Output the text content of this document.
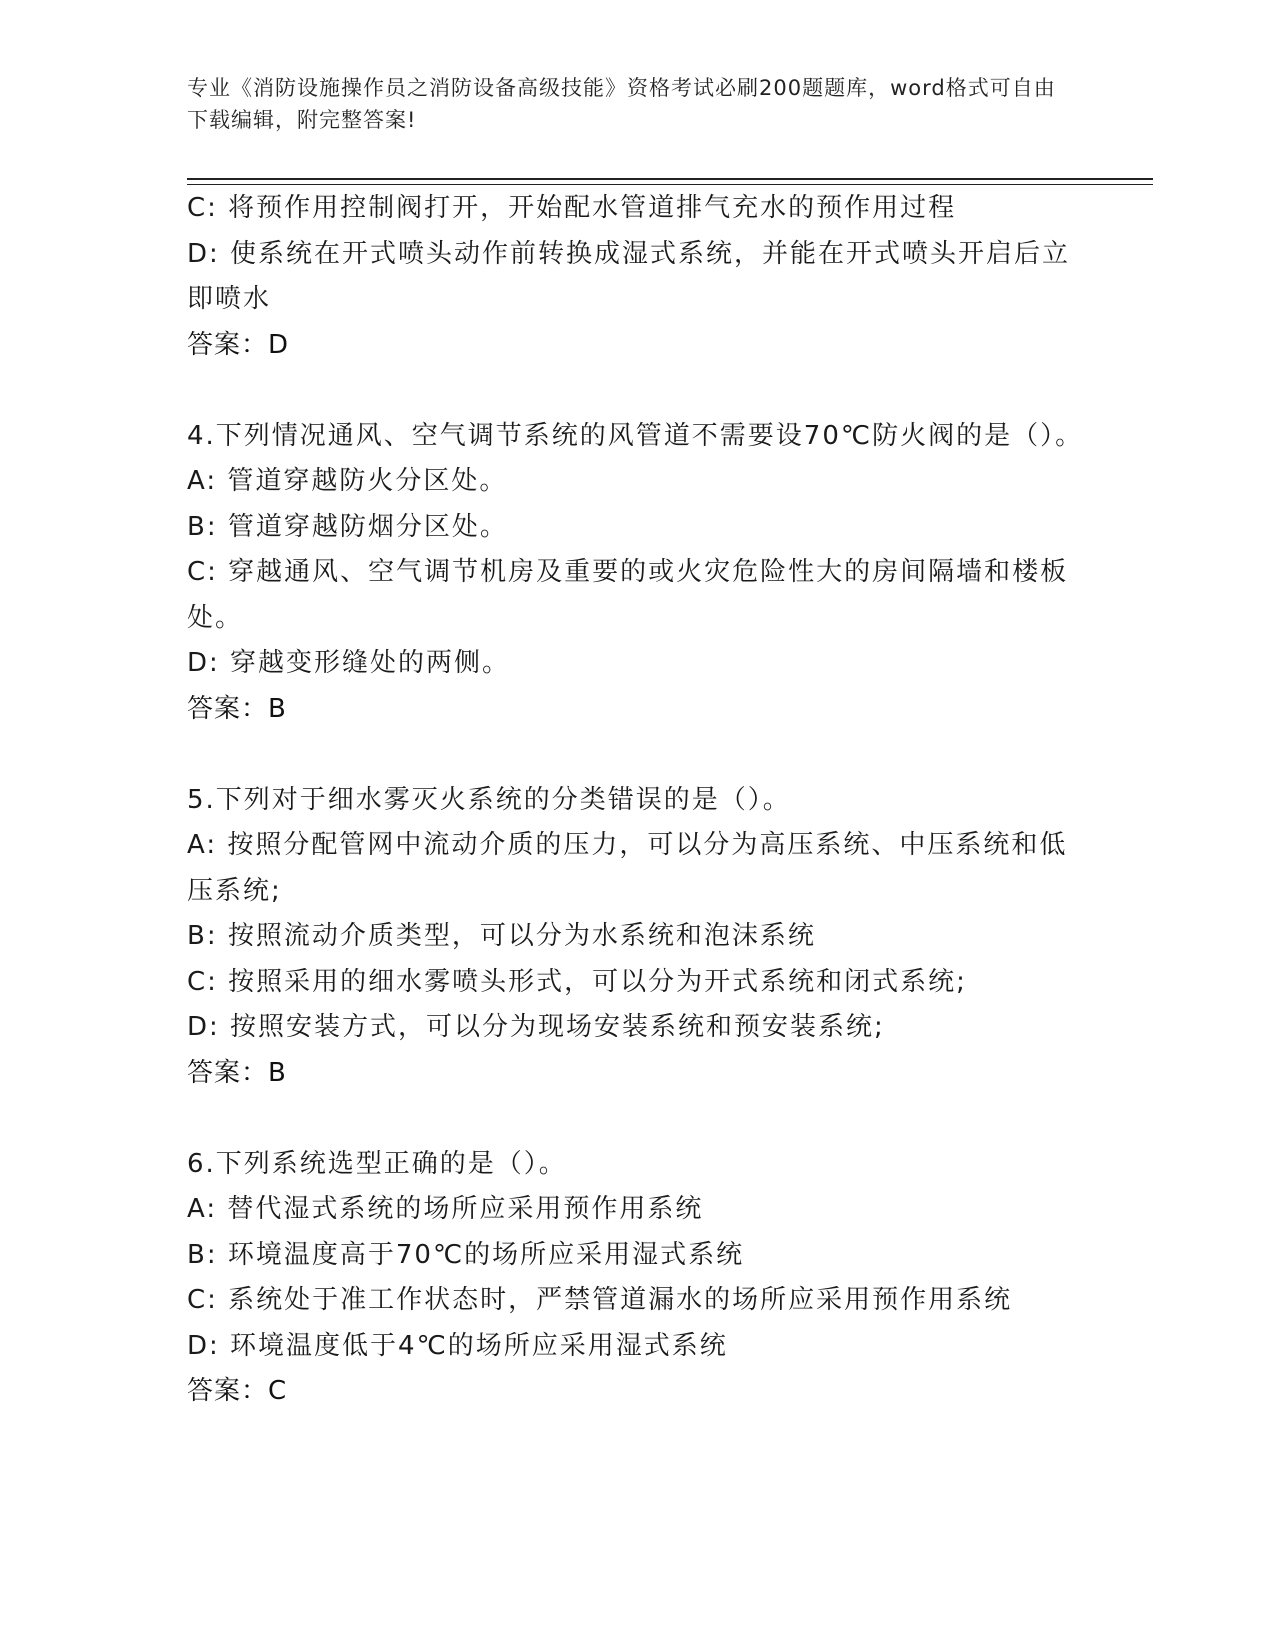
专业《消防设施操作员之消防设备高级技能》资格考试必刷200题题库，word格式可自由下载编辑，附完整答案!

C: 将预作用控制阀打开，开始配水管道排气充水的预作用过程

D: 使系统在开式喷头动作前转换成湿式系统，并能在开式喷头开启后立即喷水

答案：D

4.下列情况通风、空气调节系统的风管道不需要设70℃防火阀的是（）。

A: 管道穿越防火分区处。

B: 管道穿越防烟分区处。

C: 穿越通风、空气调节机房及重要的或火灾危险性大的房间隔墙和楼板处。

D: 穿越变形缝处的两侧。

答案：B

5.下列对于细水雾灭火系统的分类错误的是（）。

A: 按照分配管网中流动介质的压力，可以分为高压系统、中压系统和低压系统;

B: 按照流动介质类型，可以分为水系统和泡沫系统

C: 按照采用的细水雾喷头形式，可以分为开式系统和闭式系统;

D: 按照安装方式，可以分为现场安装系统和预安装系统;

答案：B

6.下列系统选型正确的是（）。

A: 替代湿式系统的场所应采用预作用系统

B: 环境温度高于70℃的场所应采用湿式系统

C: 系统处于准工作状态时，严禁管道漏水的场所应采用预作用系统

D: 环境温度低于4℃的场所应采用湿式系统

答案：C
